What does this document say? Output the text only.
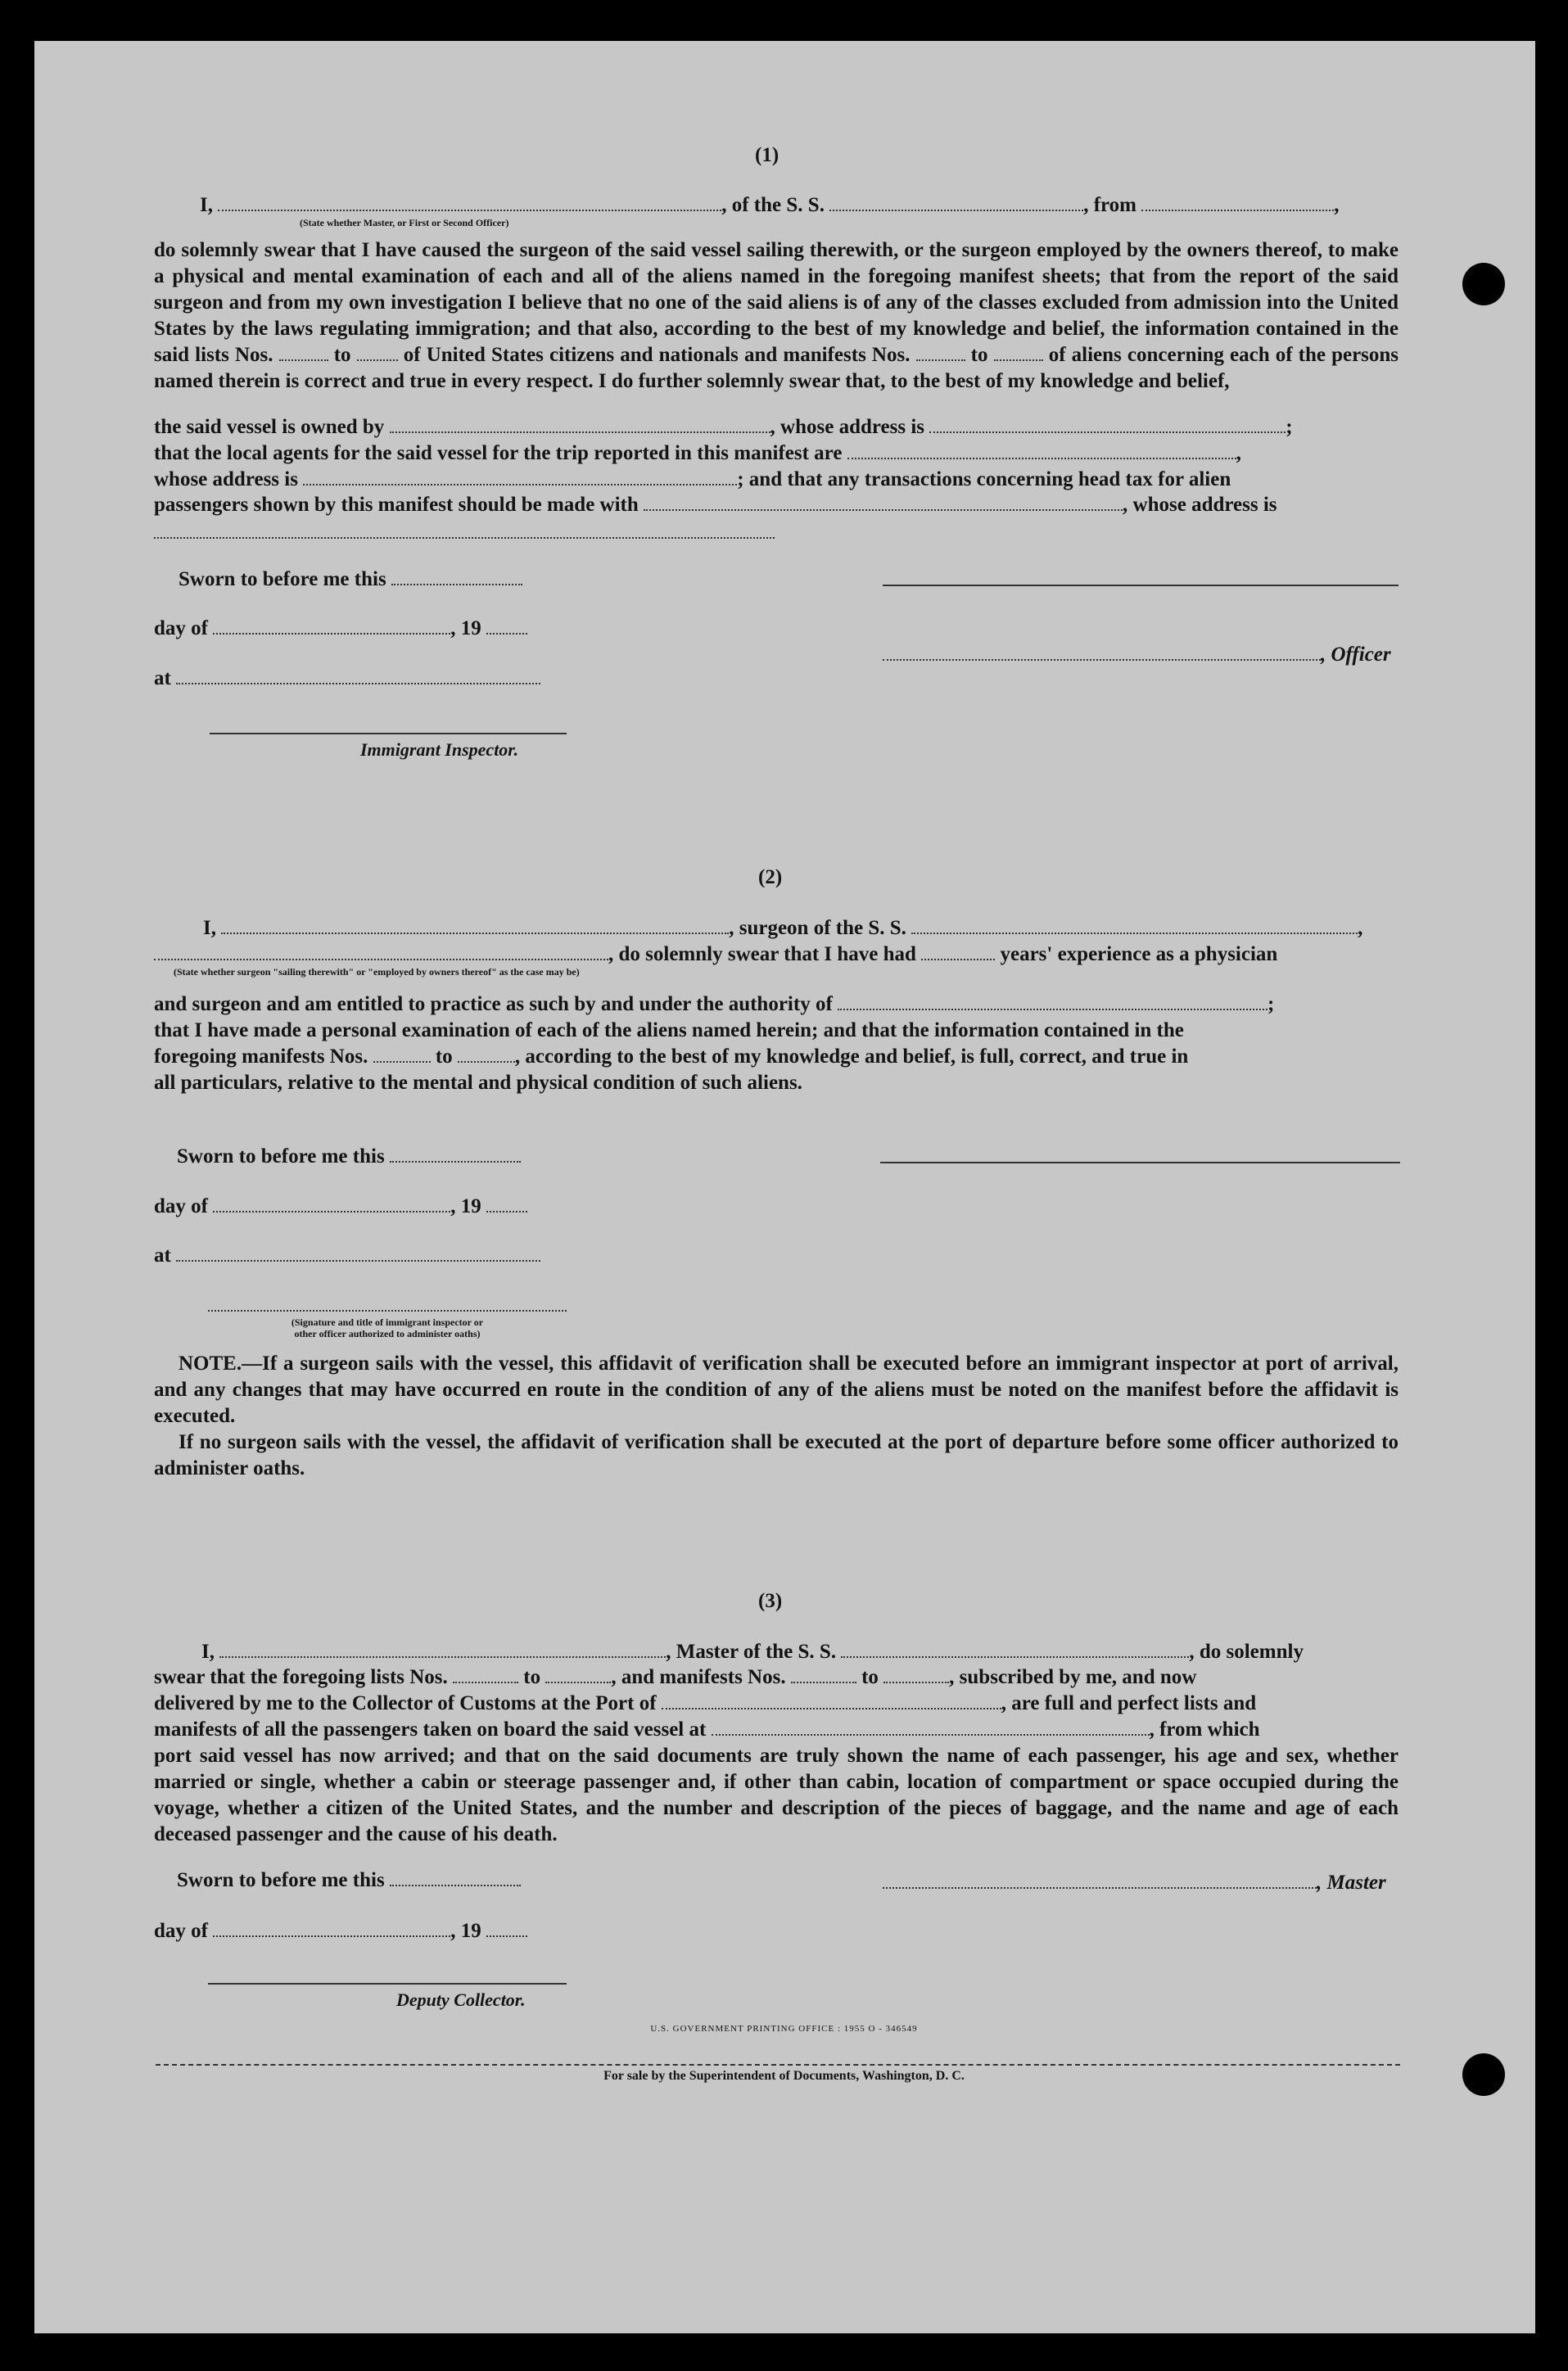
(1)
I,	, of the S. S.	, from	,
(State whether Master, or First or Second Officer)
do solemnly swear that I have caused the surgeon of the said vessel sailing therewith, or the surgeon employed by the owners thereof, to make a physical and mental examination of each and all of the aliens named in the foregoing manifest sheets; that from the report of the said surgeon and from my own investigation I believe that no one of the said aliens is of any of the classes excluded from admission into the United States by the laws regulating immigration; and that also, according to the best of my knowledge and belief, the information contained in the said lists Nos.	to	of United States citizens and nationals and manifests Nos.	to	of aliens concerning each of the persons named therein is correct and true in every respect. I do further solemnly swear that, to the best of my knowledge and belief,
the said vessel is owned by	, whose address is	;
that the local agents for the said vessel for the trip reported in this manifest are	,
whose address is	; and that any transactions concerning head tax for alien
passengers shown by this manifest should be made with	, whose address is
Sworn to before me this
day of	, 19
, Officer
at
Immigrant Inspector.
(2)
I,	, surgeon of the S. S.	,
, do solemnly swear that I have had	years' experience as a physician
(State whether surgeon "sailing therewith" or "employed by owners thereof" as the case may be)
and surgeon and am entitled to practice as such by and under the authority of	;
that I have made a personal examination of each of the aliens named herein; and that the information contained in the
foregoing manifests Nos.	to	, according to the best of my knowledge and belief, is full, correct, and true in
all particulars, relative to the mental and physical condition of such aliens.
Sworn to before me this
day of	, 19
at
(Signature and title of immigrant inspector or
other officer authorized to administer oaths)
NOTE.—If a surgeon sails with the vessel, this affidavit of verification shall be executed before an immigrant inspector at port of arrival, and any changes that may have occurred en route in the condition of any of the aliens must be noted on the manifest before the affidavit is executed.
If no surgeon sails with the vessel, the affidavit of verification shall be executed at the port of departure before some officer authorized to administer oaths.
(3)
I,	, Master of the S. S.	, do solemnly
swear that the foregoing lists Nos.	to	, and manifests Nos.	to	, subscribed by me, and now
delivered by me to the Collector of Customs at the Port of	, are full and perfect lists and
manifests of all the passengers taken on board the said vessel at	, from which
port said vessel has now arrived; and that on the said documents are truly shown the name of each passenger, his age and sex, whether married or single, whether a cabin or steerage passenger and, if other than cabin, location of compartment or space occupied during the voyage, whether a citizen of the United States, and the number and description of the pieces of baggage, and the name and age of each deceased passenger and the cause of his death.
Sworn to before me this	, Master
day of	, 19
Deputy Collector.
U.S. GOVERNMENT PRINTING OFFICE : 1955 O - 346549
For sale by the Superintendent of Documents, Washington, D. C.
